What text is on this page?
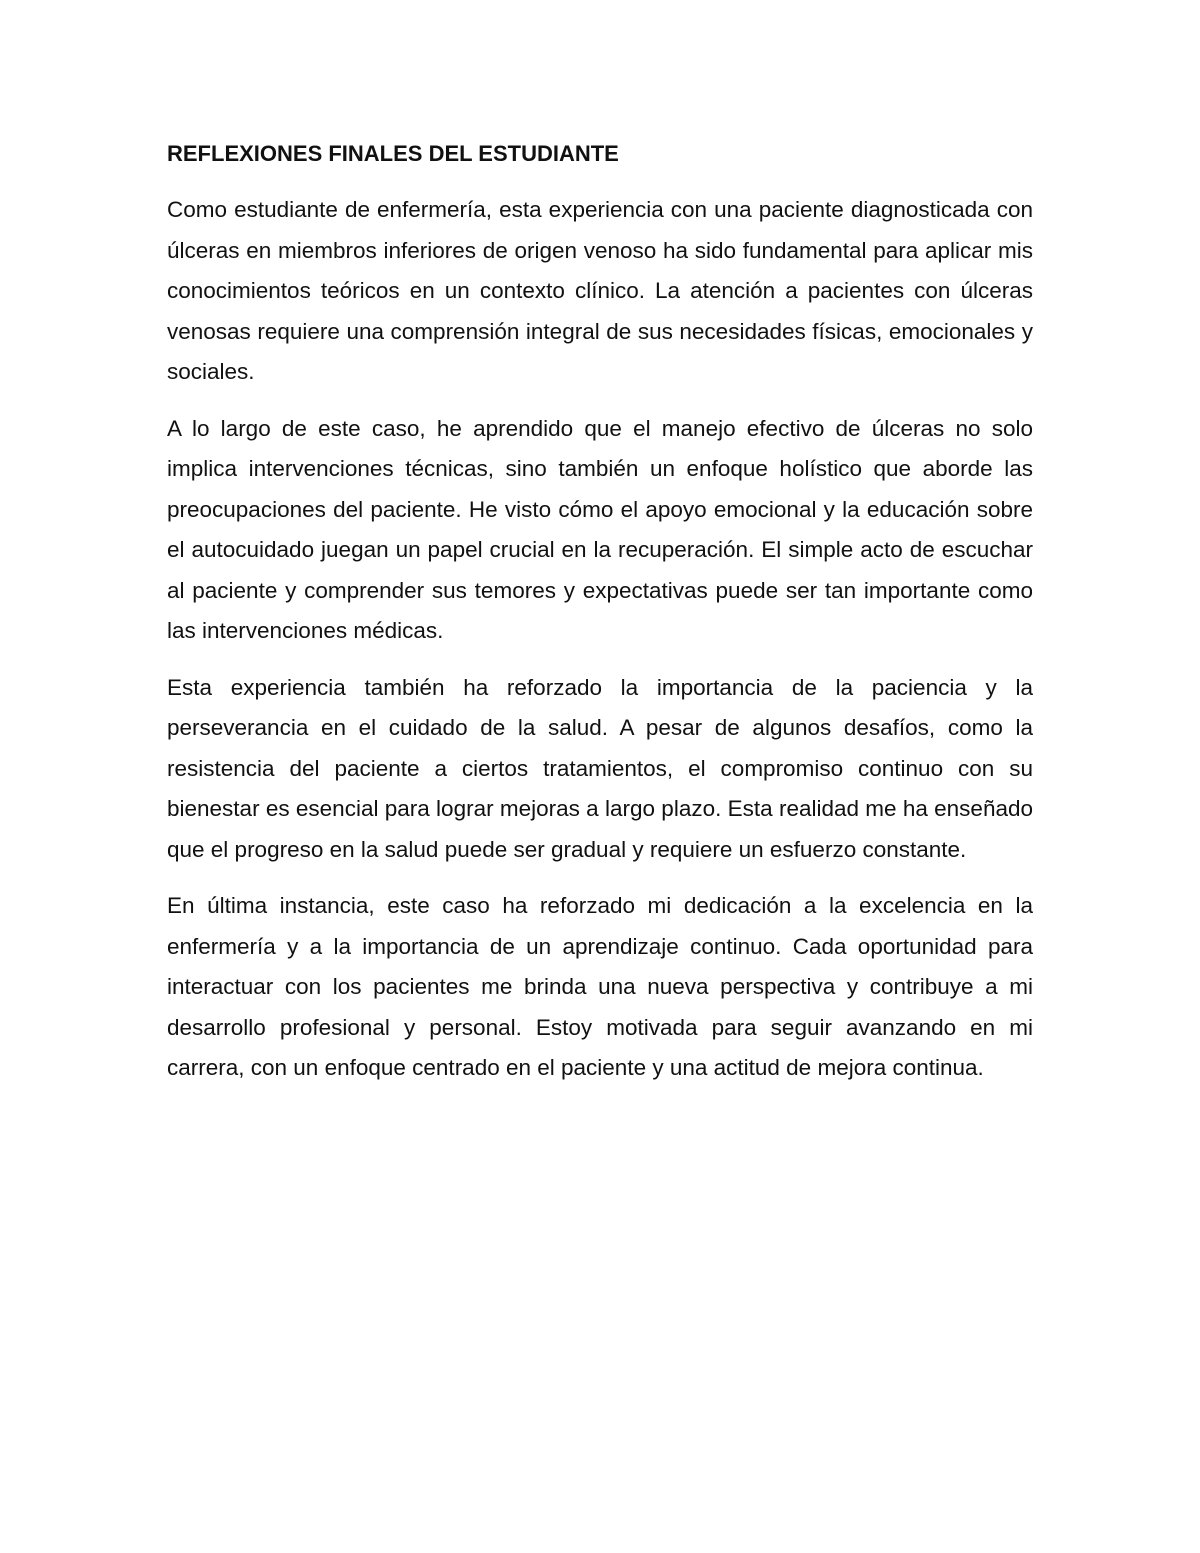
REFLEXIONES FINALES DEL ESTUDIANTE

Como estudiante de enfermería, esta experiencia con una paciente diagnosticada con úlceras en miembros inferiores de origen venoso ha sido fundamental para aplicar mis conocimientos teóricos en un contexto clínico. La atención a pacientes con úlceras venosas requiere una comprensión integral de sus necesidades físicas, emocionales y sociales.

A lo largo de este caso, he aprendido que el manejo efectivo de úlceras no solo implica intervenciones técnicas, sino también un enfoque holístico que aborde las preocupaciones del paciente. He visto cómo el apoyo emocional y la educación sobre el autocuidado juegan un papel crucial en la recuperación. El simple acto de escuchar al paciente y comprender sus temores y expectativas puede ser tan importante como las intervenciones médicas.

Esta experiencia también ha reforzado la importancia de la paciencia y la perseverancia en el cuidado de la salud. A pesar de algunos desafíos, como la resistencia del paciente a ciertos tratamientos, el compromiso continuo con su bienestar es esencial para lograr mejoras a largo plazo. Esta realidad me ha enseñado que el progreso en la salud puede ser gradual y requiere un esfuerzo constante.

En última instancia, este caso ha reforzado mi dedicación a la excelencia en la enfermería y a la importancia de un aprendizaje continuo. Cada oportunidad para interactuar con los pacientes me brinda una nueva perspectiva y contribuye a mi desarrollo profesional y personal. Estoy motivada para seguir avanzando en mi carrera, con un enfoque centrado en el paciente y una actitud de mejora continua.
